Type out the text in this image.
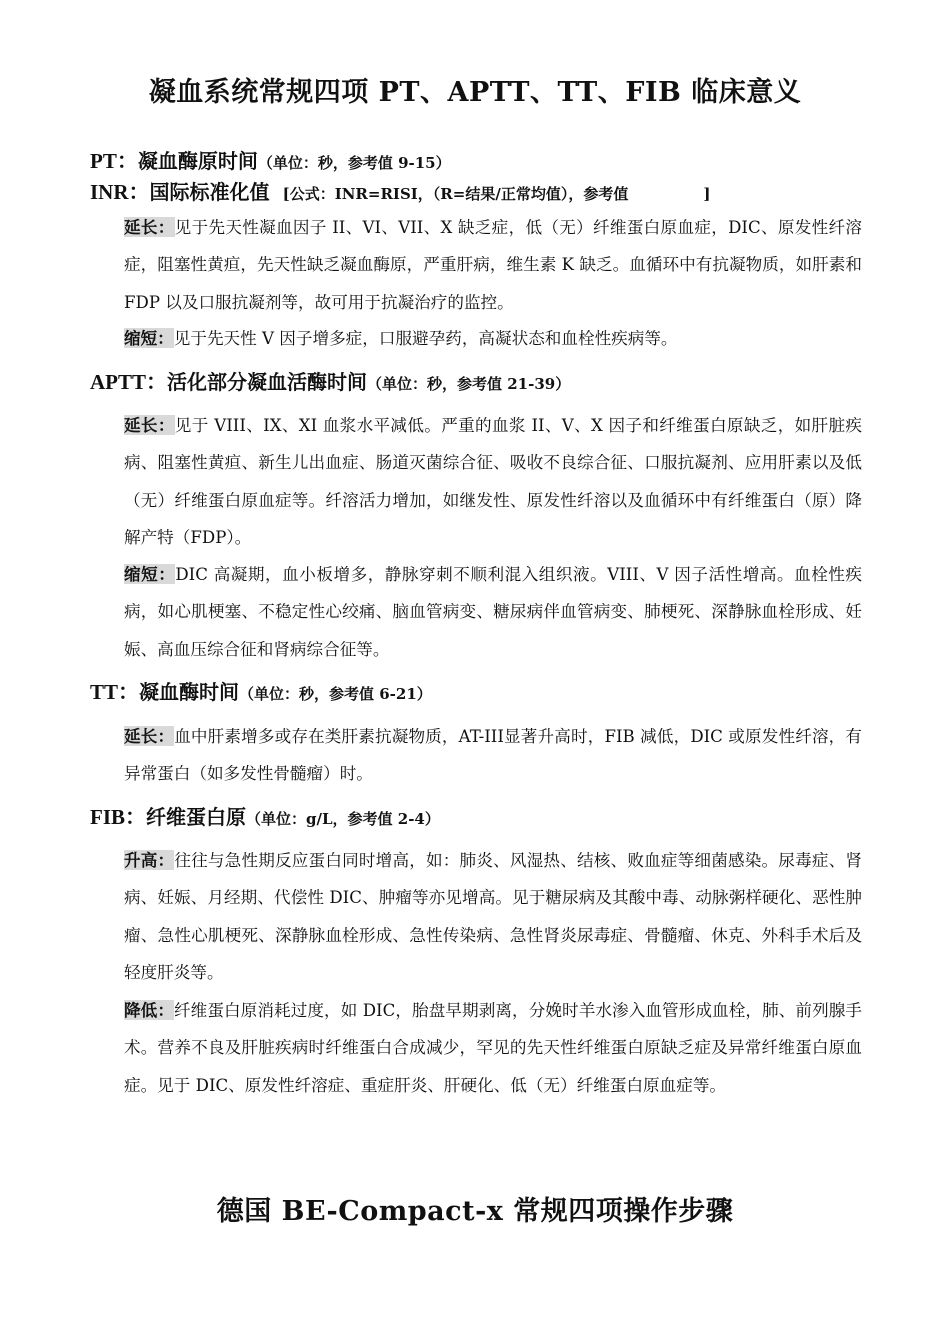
凝血系统常规四项 PT、APTT、TT、FIB 临床意义
PT：凝血酶原时间（单位：秒，参考值 9-15）
INR：国际标准化值 [公式：INR=RISI，（R=结果/正常均值），参考值　　　　　]
延长：见于先天性凝血因子 II、VI、VII、X 缺乏症，低（无）纤维蛋白原血症，DIC、原发性纤溶症，阻塞性黄疸，先天性缺乏凝血酶原，严重肝病，维生素 K 缺乏。血循环中有抗凝物质，如肝素和 FDP 以及口服抗凝剂等，故可用于抗凝治疗的监控。
缩短：见于先天性 V 因子增多症，口服避孕药，高凝状态和血栓性疾病等。
APTT：活化部分凝血活酶时间（单位：秒，参考值 21-39）
延长：见于 VIII、IX、XI 血浆水平减低。严重的血浆 II、V、X 因子和纤维蛋白原缺乏，如肝脏疾病、阻塞性黄疸、新生儿出血症、肠道灭菌综合征、吸收不良综合征、口服抗凝剂、应用肝素以及低（无）纤维蛋白原血症等。纤溶活力增加，如继发性、原发性纤溶以及血循环中有纤维蛋白（原）降解产特（FDP）。
缩短：DIC 高凝期，血小板增多，静脉穿刺不顺利混入组织液。VIII、V 因子活性增高。血栓性疾病，如心肌梗塞、不稳定性心绞痛、脑血管病变、糖尿病伴血管病变、肺梗死、深静脉血栓形成、妊娠、高血压综合征和肾病综合征等。
TT：凝血酶时间（单位：秒，参考值 6-21）
延长：血中肝素增多或存在类肝素抗凝物质，AT-III显著升高时，FIB 减低，DIC 或原发性纤溶，有异常蛋白（如多发性骨髓瘤）时。
FIB：纤维蛋白原（单位：g/L，参考值 2-4）
升高：往往与急性期反应蛋白同时增高，如：肺炎、风湿热、结核、败血症等细菌感染。尿毒症、肾病、妊娠、月经期、代偿性 DIC、肿瘤等亦见增高。见于糖尿病及其酸中毒、动脉粥样硬化、恶性肿瘤、急性心肌梗死、深静脉血栓形成、急性传染病、急性肾炎尿毒症、骨髓瘤、休克、外科手术后及轻度肝炎等。
降低：纤维蛋白原消耗过度，如 DIC，胎盘早期剥离，分娩时羊水渗入血管形成血栓，肺、前列腺手术。营养不良及肝脏疾病时纤维蛋白合成减少，罕见的先天性纤维蛋白原缺乏症及异常纤维蛋白原血症。见于 DIC、原发性纤溶症、重症肝炎、肝硬化、低（无）纤维蛋白原血症等。
德国 BE-Compact-x 常规四项操作步骤
